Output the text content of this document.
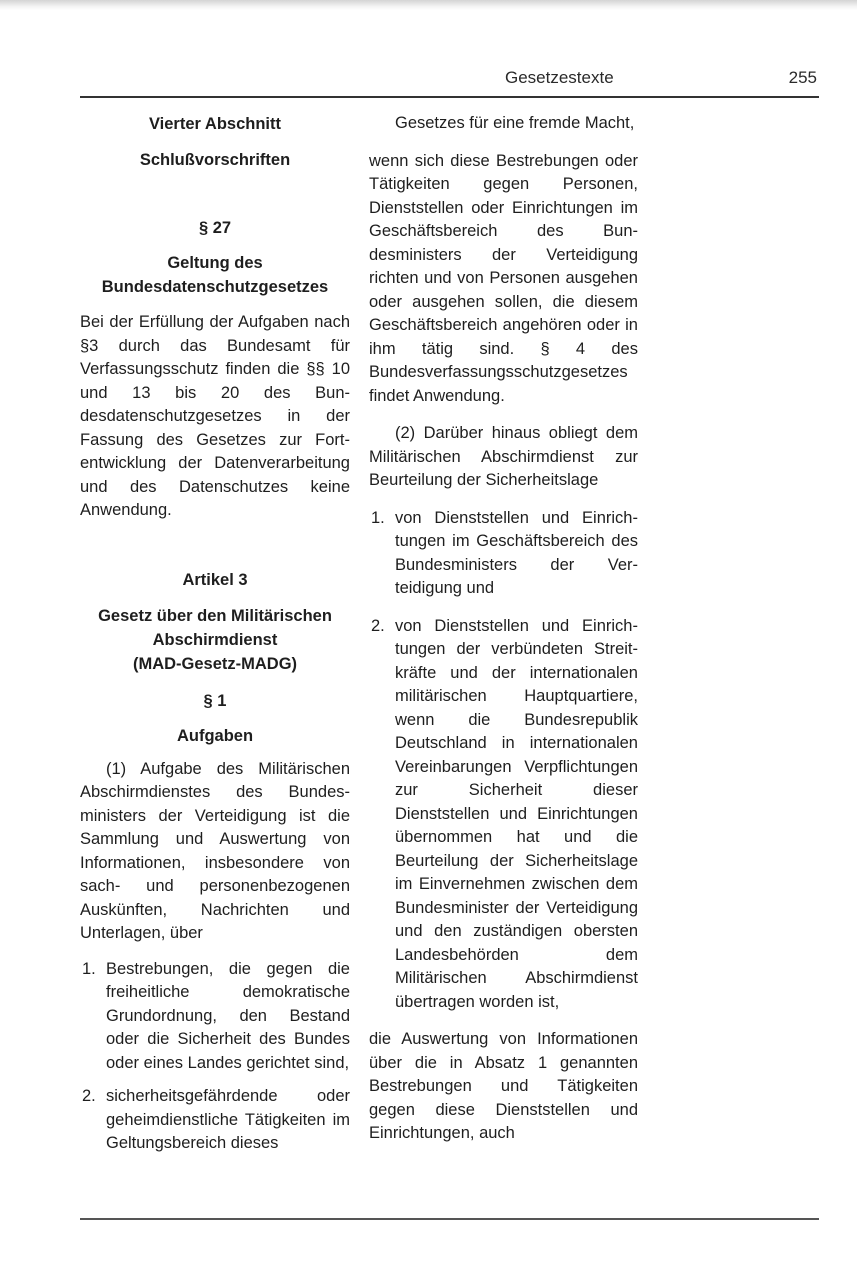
Gesetzestexte	255

Vierter Abschnitt

Schlußvorschriften

§ 27

Geltung des Bundesdatenschutzgesetzes

Bei der Erfüllung der Aufgaben nach §3 durch das Bundesamt für Verfassungsschutz finden die §§ 10 und 13 bis 20 des Bundesdatenschutzgesetzes in der Fassung des Gesetzes zur Fortentwicklung der Datenverarbeitung und des Datenschutzes keine Anwendung.

Artikel 3

Gesetz über den Militärischen Abschirmdienst

(MAD-Gesetz-MADG)

§ 1

Aufgaben

(1) Aufgabe des Militärischen Abschirmdienstes des Bundesministers der Verteidigung ist die Sammlung und Auswertung von Informationen, insbesondere von sach- und personenbezogenen Auskünften, Nachrichten und Unterlagen, über

1. Bestrebungen, die gegen die freiheitliche demokratische Grundordnung, den Bestand oder die Sicherheit des Bundes oder eines Landes gerichtet sind,
2. sicherheitsgefährdende oder geheimdienstliche Tätigkeiten im Geltungsbereich dieses

Gesetzes für eine fremde Macht,

wenn sich diese Bestrebungen oder Tätigkeiten gegen Personen, Dienststellen oder Einrichtungen im Geschäftsbereich des Bundesministers der Verteidigung richten und von Personen ausgehen oder ausgehen sollen, die diesem Geschäftsbereich angehören oder in ihm tätig sind. § 4 des Bundesverfassungsschutzgesetzes findet Anwendung.

(2) Darüber hinaus obliegt dem Militärischen Abschirmdienst zur Beurteilung der Sicherheitslage

1. von Dienststellen und Einrichtungen im Geschäftsbereich des Bundesministers der Verteidigung und
2. von Dienststellen und Einrichtungen der verbündeten Streitkräfte und der internationalen militärischen Hauptquartiere, wenn die Bundesrepublik Deutschland in internationalen Vereinbarungen Verpflichtungen zur Sicherheit dieser Dienststellen und Einrichtungen übernommen hat und die Beurteilung der Sicherheitslage im Einvernehmen zwischen dem Bundesminister der Verteidigung und den zuständigen obersten Landesbehörden dem Militärischen Abschirmdienst übertragen worden ist,

die Auswertung von Informationen über die in Absatz 1 genannten Bestrebungen und Tätigkeiten gegen diese Dienststellen und Einrichtungen, auch
